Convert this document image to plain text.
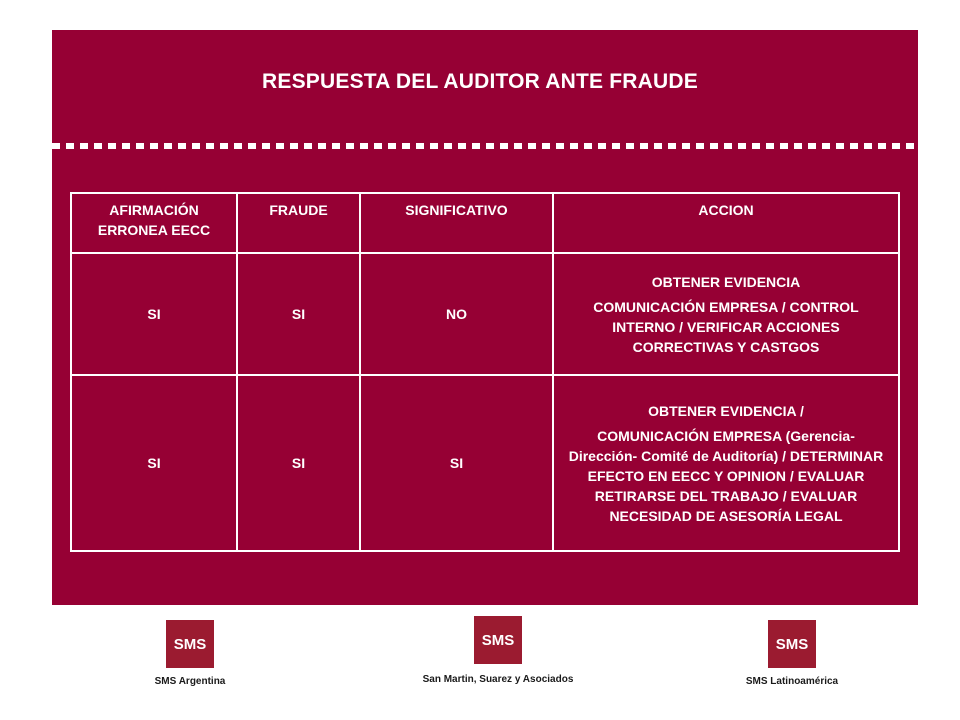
RESPUESTA DEL AUDITOR ANTE FRAUDE
AFIRMACIÓN ERRONEA EECC	FRAUDE	SIGNIFICATIVO	ACCION
SI	SI	NO	OBTENER EVIDENCIA
COMUNICACIÓN EMPRESA / CONTROL INTERNO / VERIFICAR ACCIONES CORRECTIVAS Y CASTGOS

SI	SI	SI	OBTENER EVIDENCIA /
COMUNICACIÓN EMPRESA (Gerencia- Dirección- Comité de Auditoría) / DETERMINAR EFECTO EN EECC Y OPINION / EVALUAR RETIRARSE DEL TRABAJO / EVALUAR NECESIDAD DE ASESORÍA LEGAL
SMS
SMS Argentina
SMS
San Martin, Suarez y Asociados
SMS
SMS Latinoamérica
